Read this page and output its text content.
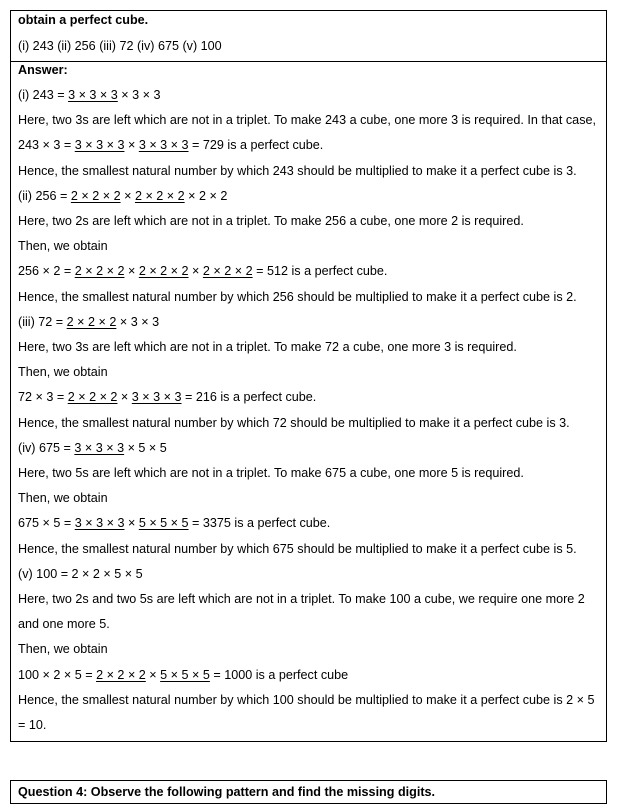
obtain a perfect cube.
(i) 243 (ii) 256 (iii) 72 (iv) 675 (v) 100
Answer:
(i) 243 = 3 × 3 × 3 × 3 × 3
Here, two 3s are left which are not in a triplet. To make 243 a cube, one more 3 is required. In that case,
243 × 3 = 3 × 3 × 3 × 3 × 3 × 3 = 729 is a perfect cube.
Hence, the smallest natural number by which 243 should be multiplied to make it a perfect cube is 3.
(ii) 256 = 2 × 2 × 2 × 2 × 2 × 2 × 2 × 2
Here, two 2s are left which are not in a triplet. To make 256 a cube, one more 2 is required.
Then, we obtain
256 × 2 = 2 × 2 × 2 × 2 × 2 × 2 × 2 × 2 × 2 = 512 is a perfect cube.
Hence, the smallest natural number by which 256 should be multiplied to make it a perfect cube is 2.
(iii) 72 = 2 × 2 × 2 × 3 × 3
Here, two 3s are left which are not in a triplet. To make 72 a cube, one more 3 is required.
Then, we obtain
72 × 3 = 2 × 2 × 2 × 3 × 3 × 3 = 216 is a perfect cube.
Hence, the smallest natural number by which 72 should be multiplied to make it a perfect cube is 3.
(iv) 675 = 3 × 3 × 3 × 5 × 5
Here, two 5s are left which are not in a triplet. To make 675 a cube, one more 5 is required.
Then, we obtain
675 × 5 = 3 × 3 × 3 × 5 × 5 × 5 = 3375 is a perfect cube.
Hence, the smallest natural number by which 675 should be multiplied to make it a perfect cube is 5.
(v) 100 = 2 × 2 × 5 × 5
Here, two 2s and two 5s are left which are not in a triplet. To make 100 a cube, we require one more 2
and one more 5.
Then, we obtain
100 × 2 × 5 = 2 × 2 × 2 × 5 × 5 × 5 = 1000 is a perfect cube
Hence, the smallest natural number by which 100 should be multiplied to make it a perfect cube is 2 × 5
= 10.
Question 4: Observe the following pattern and find the missing digits.
